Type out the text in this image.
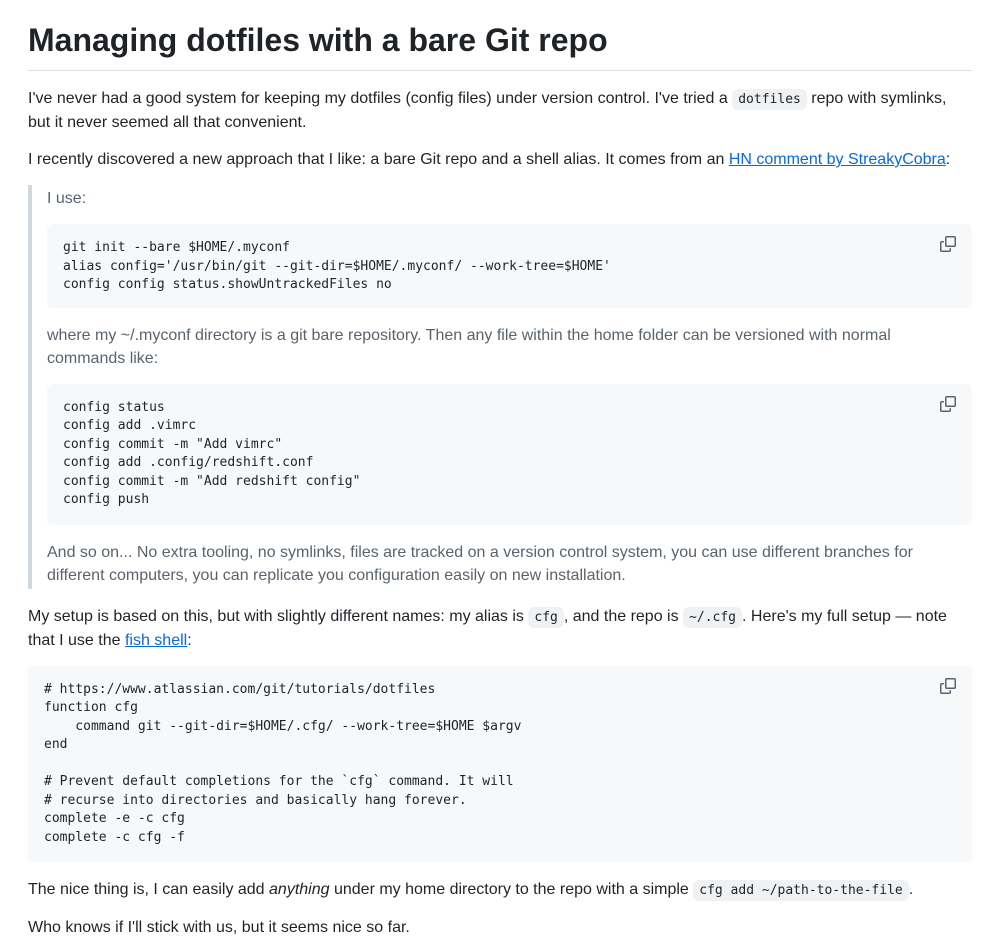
Managing dotfiles with a bare Git repo

I've never had a good system for keeping my dotfiles (config files) under version control. I've tried a dotfiles repo with symlinks, but it never seemed all that convenient.

I recently discovered a new approach that I like: a bare Git repo and a shell alias. It comes from an HN comment by StreakyCobra:

I use:

git init --bare $HOME/.myconf
alias config='/usr/bin/git --git-dir=$HOME/.myconf/ --work-tree=$HOME'
config config status.showUntrackedFiles no

where my ~/.myconf directory is a git bare repository. Then any file within the home folder can be versioned with normal commands like:

config status
config add .vimrc
config commit -m "Add vimrc"
config add .config/redshift.conf
config commit -m "Add redshift config"
config push

And so on... No extra tooling, no symlinks, files are tracked on a version control system, you can use different branches for different computers, you can replicate you configuration easily on new installation.

My setup is based on this, but with slightly different names: my alias is cfg , and the repo is ~/.cfg . Here's my full setup — note that I use the fish shell:

# https://www.atlassian.com/git/tutorials/dotfiles
function cfg
command git --git-dir=$HOME/.cfg/ --work-tree=$HOME $argv
end

# Prevent default completions for the `cfg` command. It will
# recurse into directories and basically hang forever.
complete -e -c cfg
complete -c cfg -f

The nice thing is, I can easily add anything under my home directory to the repo with a simple cfg add ~/path-to-the-file .

Who knows if I'll stick with us, but it seems nice so far.
